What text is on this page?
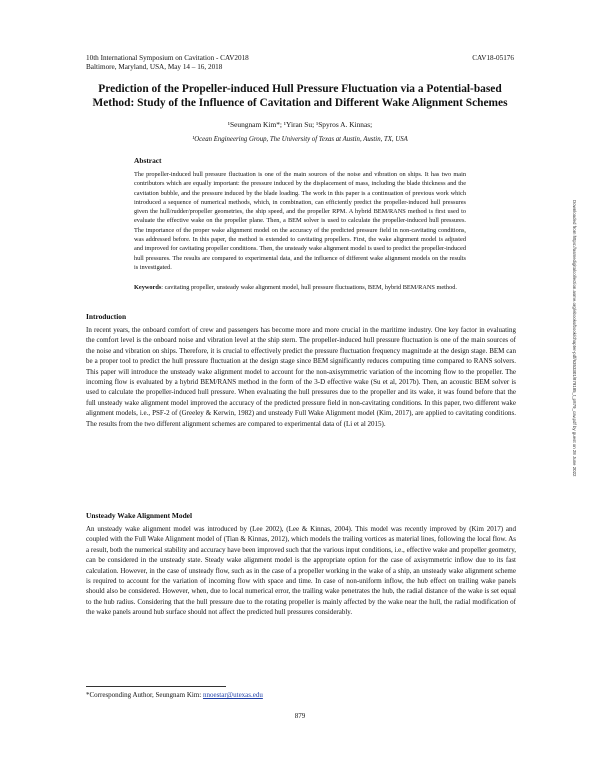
10th International Symposium on Cavitation - CAV2018
Baltimore, Maryland, USA, May 14 – 16, 2018
CAV18-05176
Prediction of the Propeller-induced Hull Pressure Fluctuation via a Potential-based Method: Study of the Influence of Cavitation and Different Wake Alignment Schemes
¹Seungnam Kim*; ¹Yiran Su; ¹Spyros A. Kinnas;
¹Ocean Engineering Group, The University of Texas at Austin, Austin, TX, USA
Abstract
The propeller-induced hull pressure fluctuation is one of the main sources of the noise and vibration on ships. It has two main contributors which are equally important: the pressure induced by the displacement of mass, including the blade thickness and the cavitation bubble, and the pressure induced by the blade loading. The work in this paper is a continuation of previous work which introduced a sequence of numerical methods, which, in combination, can efficiently predict the propeller-induced hull pressures given the hull/rudder/propeller geometries, the ship speed, and the propeller RPM. A hybrid BEM/RANS method is first used to evaluate the effective wake on the propeller plane. Then, a BEM solver is used to calculate the propeller-induced hull pressures. The importance of the proper wake alignment model on the accuracy of the predicted pressure field in non-cavitating conditions, was addressed before. In this paper, the method is extended to cavitating propellers. First, the wake alignment model is adjusted and improved for cavitating propeller conditions. Then, the unsteady wake alignment model is used to predict the propeller-induced hull pressures. The results are compared to experimental data, and the influence of different wake alignment models on the results is investigated.
Keywords: cavitating propeller, unsteady wake alignment model, hull pressure fluctuations, BEM, hybrid BEM/RANS method.
Introduction
In recent years, the onboard comfort of crew and passengers has become more and more crucial in the maritime industry. One key factor in evaluating the comfort level is the onboard noise and vibration level at the ship stern. The propeller-induced hull pressure fluctuation is one of the main sources of the noise and vibration on ships. Therefore, it is crucial to effectively predict the pressure fluctuation frequency magnitude at the design stage. BEM can be a proper tool to predict the hull pressure fluctuation at the design stage since BEM significantly reduces computing time compared to RANS solvers. This paper will introduce the unsteady wake alignment model to account for the non-axisymmetric variation of the incoming flow to the propeller. The incoming flow is evaluated by a hybrid BEM/RANS method in the form of the 3-D effective wake (Su et al, 2017b). Then, an acoustic BEM solver is used to calculate the propeller-induced hull pressure. When evaluating the hull pressures due to the propeller and its wake, it was found before that the full unsteady wake alignment model improved the accuracy of the predicted pressure field in non-cavitating conditions. In this paper, two different wake alignment models, i.e., PSF-2 of (Greeley & Kerwin, 1982) and unsteady Full Wake Alignment model (Kim, 2017), are applied to cavitating conditions. The results from the two different alignment schemes are compared to experimental data of (Li et al 2015).
Unsteady Wake Alignment Model
An unsteady wake alignment model was introduced by (Lee 2002), (Lee & Kinnas, 2004). This model was recently improved by (Kim 2017) and coupled with the Full Wake Alignment model of (Tian & Kinnas, 2012), which models the trailing vortices as material lines, following the local flow. As a result, both the numerical stability and accuracy have been improved such that the various input conditions, i.e., effective wake and propeller geometry, can be considered in the unsteady state. Steady wake alignment model is the appropriate option for the case of axisymmetric inflow due to its fast calculation. However, in the case of unsteady flow, such as in the case of a propeller working in the wake of a ship, an unsteady wake alignment scheme is required to account for the variation of incoming flow with space and time. In case of non-uniform inflow, the hub effect on trailing wake panels should also be considered. However, when, due to local numerical error, the trailing wake penetrates the hub, the radial distance of the wake is set equal to the hub radius. Considering that the hull pressure due to the rotating propeller is mainly affected by the wake near the hull, the radial modification of the wake panels around hub surface should not affect the predicted hull pressures considerably.
*Corresponding Author, Seungnam Kim: nnoestar@utexas.edu
879
Downloaded from https://asmedigitalcollection.asme.org/ebooks/book/chapter-pdf/6353301/879185_t_p879_cav.pdf by guest on 28 June 2022
